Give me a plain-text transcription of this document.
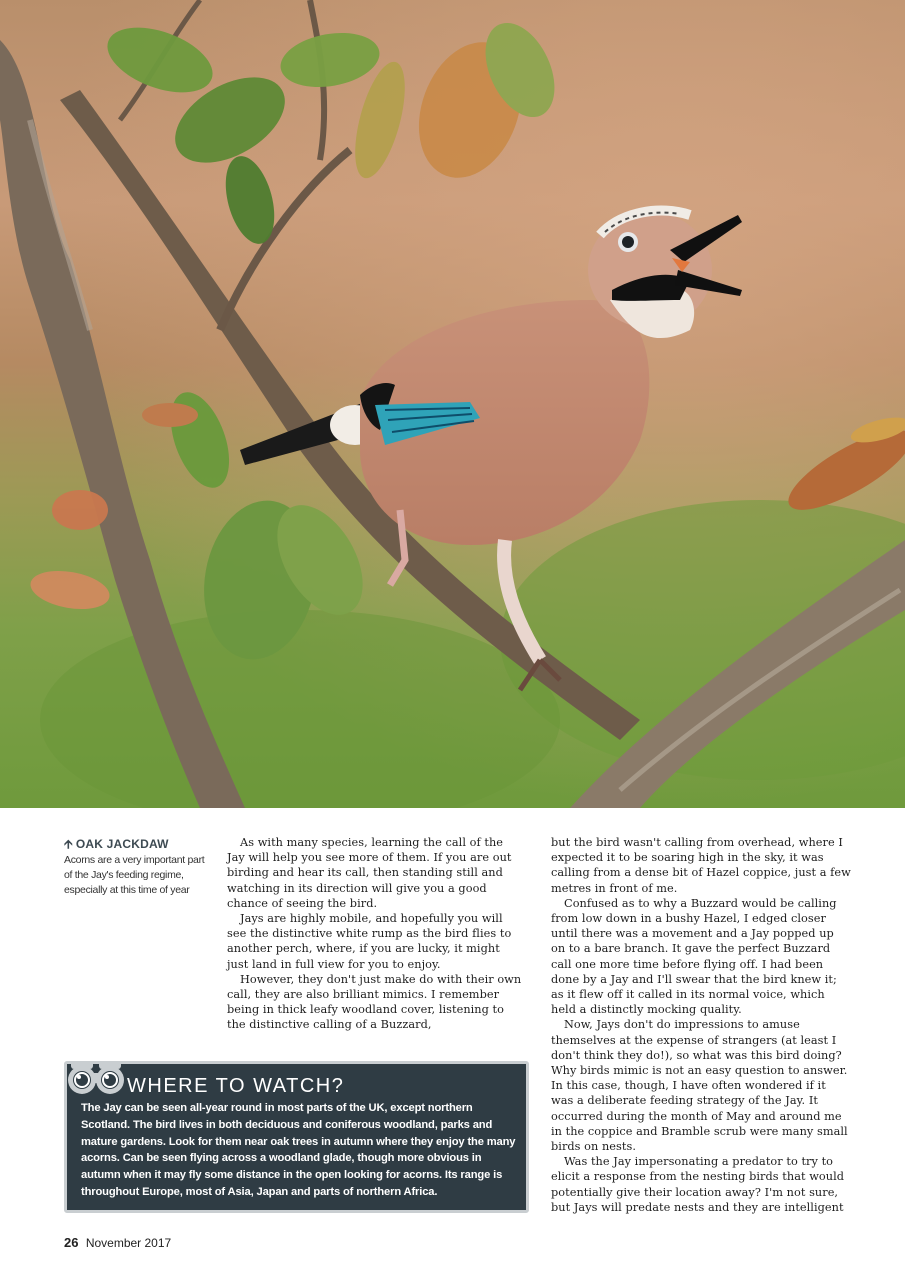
🡩 OAK JACKDAW
Acorns are a very important part of the Jay's feeding regime, especially at this time of year

As with many species, learning the call of the Jay will help you see more of them. If you are out birding and hear its call, then standing still and watching in its direction will give you a good chance of seeing the bird.

Jays are highly mobile, and hopefully you will see the distinctive white rump as the bird flies to another perch, where, if you are lucky, it might just land in full view for you to enjoy.

However, they don't just make do with their own call, they are also brilliant mimics. I remember being in thick leafy woodland cover, listening to the distinctive calling of a Buzzard,

but the bird wasn't calling from overhead, where I expected it to be soaring high in the sky, it was calling from a dense bit of Hazel coppice, just a few metres in front of me.

Confused as to why a Buzzard would be calling from low down in a bushy Hazel, I edged closer until there was a movement and a Jay popped up on to a bare branch. It gave the perfect Buzzard call one more time before flying off. I had been done by a Jay and I'll swear that the bird knew it; as it flew off it called in its normal voice, which held a distinctly mocking quality.

Now, Jays don't do impressions to amuse themselves at the expense of strangers (at least I don't think they do!), so what was this bird doing? Why birds mimic is not an easy question to answer. In this case, though, I have often wondered if it was a deliberate feeding strategy of the Jay. It occurred during the month of May and around me in the coppice and Bramble scrub were many small birds on nests.

Was the Jay impersonating a predator to try to elicit a response from the nesting birds that would potentially give their location away? I'm not sure, but Jays will predate nests and they are intelligent

WHERE TO WATCH?
The Jay can be seen all-year round in most parts of the UK, except northern Scotland. The bird lives in both deciduous and coniferous woodland, parks and mature gardens. Look for them near oak trees in autumn where they enjoy the many acorns. Can be seen flying across a woodland glade, though more obvious in autumn when it may fly some distance in the open looking for acorns. Its range is throughout Europe, most of Asia, Japan and parts of northern Africa.
26 November 2017
